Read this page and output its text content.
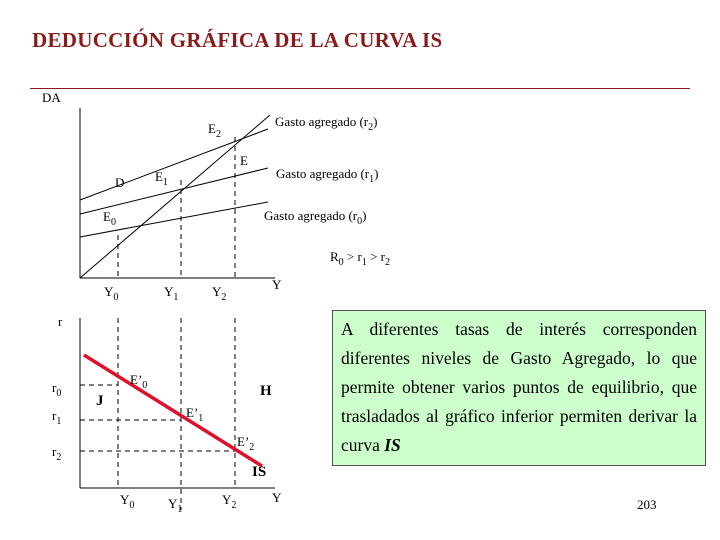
DEDUCCIÓN GRÁFICA DE LA CURVA IS
DA
Y
Gasto agregado $(r_2)$
Gasto agregado $(r_1)$
Gasto agregado $(r_0)$
$E_2$
E
$E_1$
D
$E_0$
$R_0 > r_1 > r_2$
$Y_0$	$Y_1$	$Y_2$
r
Y
$r_0$
$r_1$
$r_2$
$Y_0$	$Y_1$
$Y_2$
$E’_0$
$E’_1$
$E’_2$
J
H
IS
A diferentes tasas de interés corresponden diferentes niveles de Gasto Agregado, lo que permite obtener varios puntos de equilibrio, que trasladados al gráfico inferior permiten derivar la curva IS
203
